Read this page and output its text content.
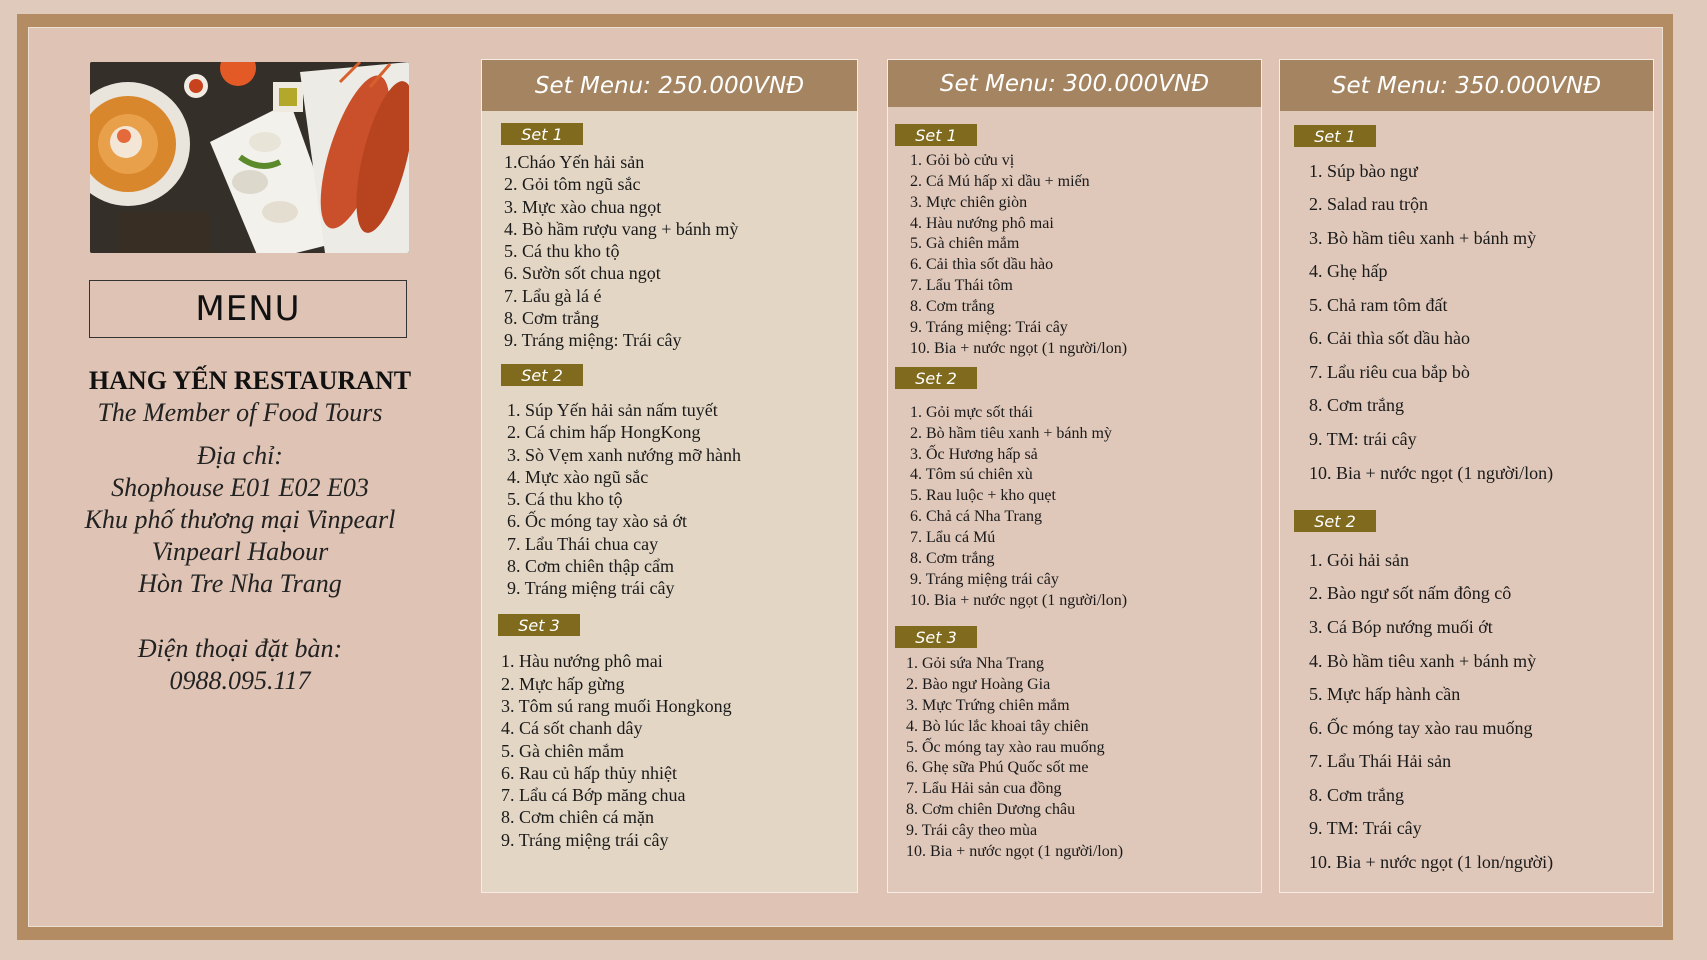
MENU
HANG YẾN RESTAURANT
The Member of Food Tours
Địa chỉ:
Shophouse E01 E02 E03
Khu phố thương mại Vinpearl
Vinpearl Habour
Hòn Tre Nha Trang
Điện thoại đặt bàn:
0988.095.117
Set Menu: 250.000VNĐ
Set 1
1.Cháo Yến hải sản
2. Gỏi tôm ngũ sắc
3. Mực xào chua ngọt
4. Bò hầm rượu vang + bánh mỳ
5. Cá thu kho tộ
6. Sườn sốt chua ngọt
7. Lẩu gà lá é
8. Cơm trắng
9. Tráng miệng: Trái cây
Set 2
1. Súp Yến hải sản nấm tuyết
2. Cá chim hấp HongKong
3. Sò Vẹm xanh nướng mỡ hành
4. Mực xào ngũ sắc
5. Cá thu kho tộ
6. Ốc móng tay xào sả ớt
7. Lẩu Thái chua cay
8. Cơm chiên thập cẩm
9. Tráng miệng trái cây
Set 3
1. Hàu nướng phô mai
2. Mực hấp gừng
3. Tôm sú rang muối Hongkong
4. Cá sốt chanh dây
5. Gà chiên mắm
6. Rau củ hấp thủy nhiệt
7. Lẩu cá Bớp măng chua
8. Cơm chiên cá mặn
9. Tráng miệng trái cây
Set Menu: 300.000VNĐ
Set 1
1. Gỏi bò cửu vị
2. Cá Mú hấp xì dầu + miến
3. Mực chiên giòn
4. Hàu nướng phô mai
5. Gà chiên mắm
6. Cải thìa sốt dầu hào
7. Lẩu Thái tôm
8. Cơm trắng
9. Tráng miệng: Trái cây
10. Bia + nước ngọt (1 người/lon)
Set 2
1. Gỏi mực sốt thái
2. Bò hầm tiêu xanh + bánh mỳ
3. Ốc Hương hấp sả
4. Tôm sú chiên xù
5. Rau luộc + kho quẹt
6. Chả cá Nha Trang
7. Lẩu cá Mú
8. Cơm trắng
9. Tráng miệng trái cây
10. Bia + nước ngọt (1 người/lon)
Set 3
1. Gỏi sứa Nha Trang
2. Bào ngư Hoàng Gia
3. Mực Trứng chiên mắm
4. Bò lúc lắc khoai tây chiên
5. Ốc móng tay xào rau muống
6. Ghẹ sữa Phú Quốc sốt me
7. Lẩu Hải sản cua đồng
8. Cơm chiên Dương châu
9. Trái cây theo mùa
10. Bia + nước ngọt (1 người/lon)
Set Menu: 350.000VNĐ
Set 1
1. Súp bào ngư
2. Salad rau trộn
3. Bò hầm tiêu xanh + bánh mỳ
4. Ghẹ hấp
5. Chả ram tôm đất
6. Cải thìa sốt dầu hào
7. Lẩu riêu cua bắp bò
8. Cơm trắng
9. TM: trái cây
10. Bia + nước ngọt (1 người/lon)
Set 2
1. Gỏi hải sản
2. Bào ngư sốt nấm đông cô
3. Cá Bóp nướng muối ớt
4. Bò hầm tiêu xanh + bánh mỳ
5. Mực hấp hành cần
6. Ốc móng tay xào rau muống
7. Lẩu Thái Hải sản
8. Cơm trắng
9. TM: Trái cây
10. Bia + nước ngọt (1 lon/người)
